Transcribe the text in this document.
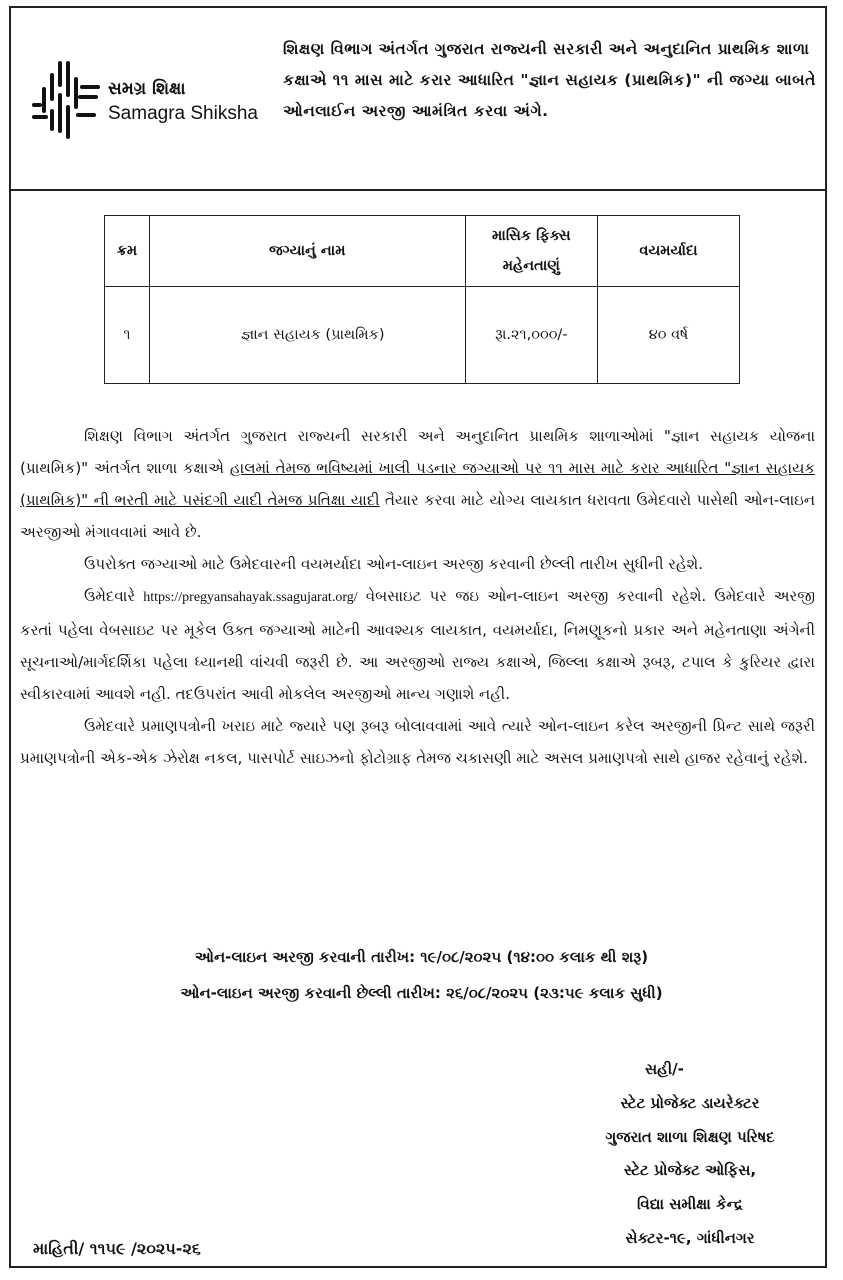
સમગ્ર શિક્ષા
Samagra Shiksha
શિક્ષણ વિભાગ અંતર્ગત ગુજરાત રાજ્યની સરકારી અને અનુદાનિત પ્રાથમિક શાળા કક્ષાએ ૧૧ માસ માટે કરાર આધારિત "જ્ઞાન સહાયક (પ્રાથમિક)" ની જગ્યા બાબતે ઓનલાઈન અરજી આમંત્રિત કરવા અંગે.
ક્રમ	જગ્યાનું નામ	માસિક ફિક્સ મહેનતાણું	વયમર્યાદા
૧	જ્ઞાન સહાયક (પ્રાથમિક)	રૂા.૨૧,૦૦૦/-	૪૦ વર્ષ

શિક્ષણ વિભાગ અંતર્ગત ગુજરાત રાજ્યની સરકારી અને અનુદાનિત પ્રાથમિક શાળાઓમાં "જ્ઞાન સહાયક યોજના (પ્રાથમિક)" અંતર્ગત શાળા કક્ષાએ હાલમાં તેમજ ભવિષ્યમાં ખાલી પડનાર જગ્યાઓ પર ૧૧ માસ માટે કરાર આધારિત "જ્ઞાન સહાયક (પ્રાથમિક)" ની ભરતી માટે પસંદગી યાદી તેમજ પ્રતિક્ષા યાદી તૈયાર કરવા માટે યોગ્ય લાયકાત ધરાવતા ઉમેદવારો પાસેથી ઓન-લાઇન અરજીઓ મંગાવવામાં આવે છે.

ઉપરોક્ત જગ્યાઓ માટે ઉમેદવારની વયમર્યાદા ઓન-લાઇન અરજી કરવાની છેલ્લી તારીખ સુધીની રહેશે.

ઉમેદવારે https://pregyansahayak.ssagujarat.org/ વેબસાઇટ પર જઇ ઓન-લાઇન અરજી કરવાની રહેશે. ઉમેદવારે અરજી કરતાં પહેલા વેબસાઇટ પર મૂકેલ ઉક્ત જગ્યાઓ માટેની આવશ્યક લાયકાત, વયમર્યાદા, નિમણૂકનો પ્રકાર અને મહેનતાણા અંગેની સૂચનાઓ/માર્ગદર્શિકા પહેલા ધ્યાનથી વાંચવી જરૂરી છે. આ અરજીઓ રાજ્ય કક્ષાએ, જિલ્લા કક્ષાએ રૂબરૂ, ટપાલ કે કુરિયર દ્વારા સ્વીકારવામાં આવશે નહી. તદઉપરાંત આવી મોકલેલ અરજીઓ માન્ય ગણાશે નહી.

ઉમેદવારે પ્રમાણપત્રોની ખરાઇ માટે જ્યારે પણ રૂબરૂ બોલાવવામાં આવે ત્યારે ઓન-લાઇન કરેલ અરજીની પ્રિન્ટ સાથે જરૂરી પ્રમાણપત્રોની એક-એક ઝેરોક્ષ નકલ, પાસપોર્ટ સાઇઝનો ફોટોગ્રાફ તેમજ ચકાસણી માટે અસલ પ્રમાણપત્રો સાથે હાજર રહેવાનું રહેશે.

ઓન-લાઇન અરજી કરવાની તારીખ: ૧૯/૦૮/૨૦૨૫ (૧૪:૦૦ કલાક થી શરૂ)
ઓન-લાઇન અરજી કરવાની છેલ્લી તારીખ: ૨૬/૦૮/૨૦૨૫ (૨૩:૫૯ કલાક સુધી)
સહી/-
સ્ટેટ પ્રોજેક્ટ ડાયરેક્ટર
ગુજરાત શાળા શિક્ષણ પરિષદ
સ્ટેટ પ્રોજેક્ટ ઓફિસ,
વિદ્યા સમીક્ષા કેન્દ્ર
સેક્ટર-૧૯, ગાંધીનગર
માહિતી/ ૧૧૫૯ /૨૦૨૫-૨૬
